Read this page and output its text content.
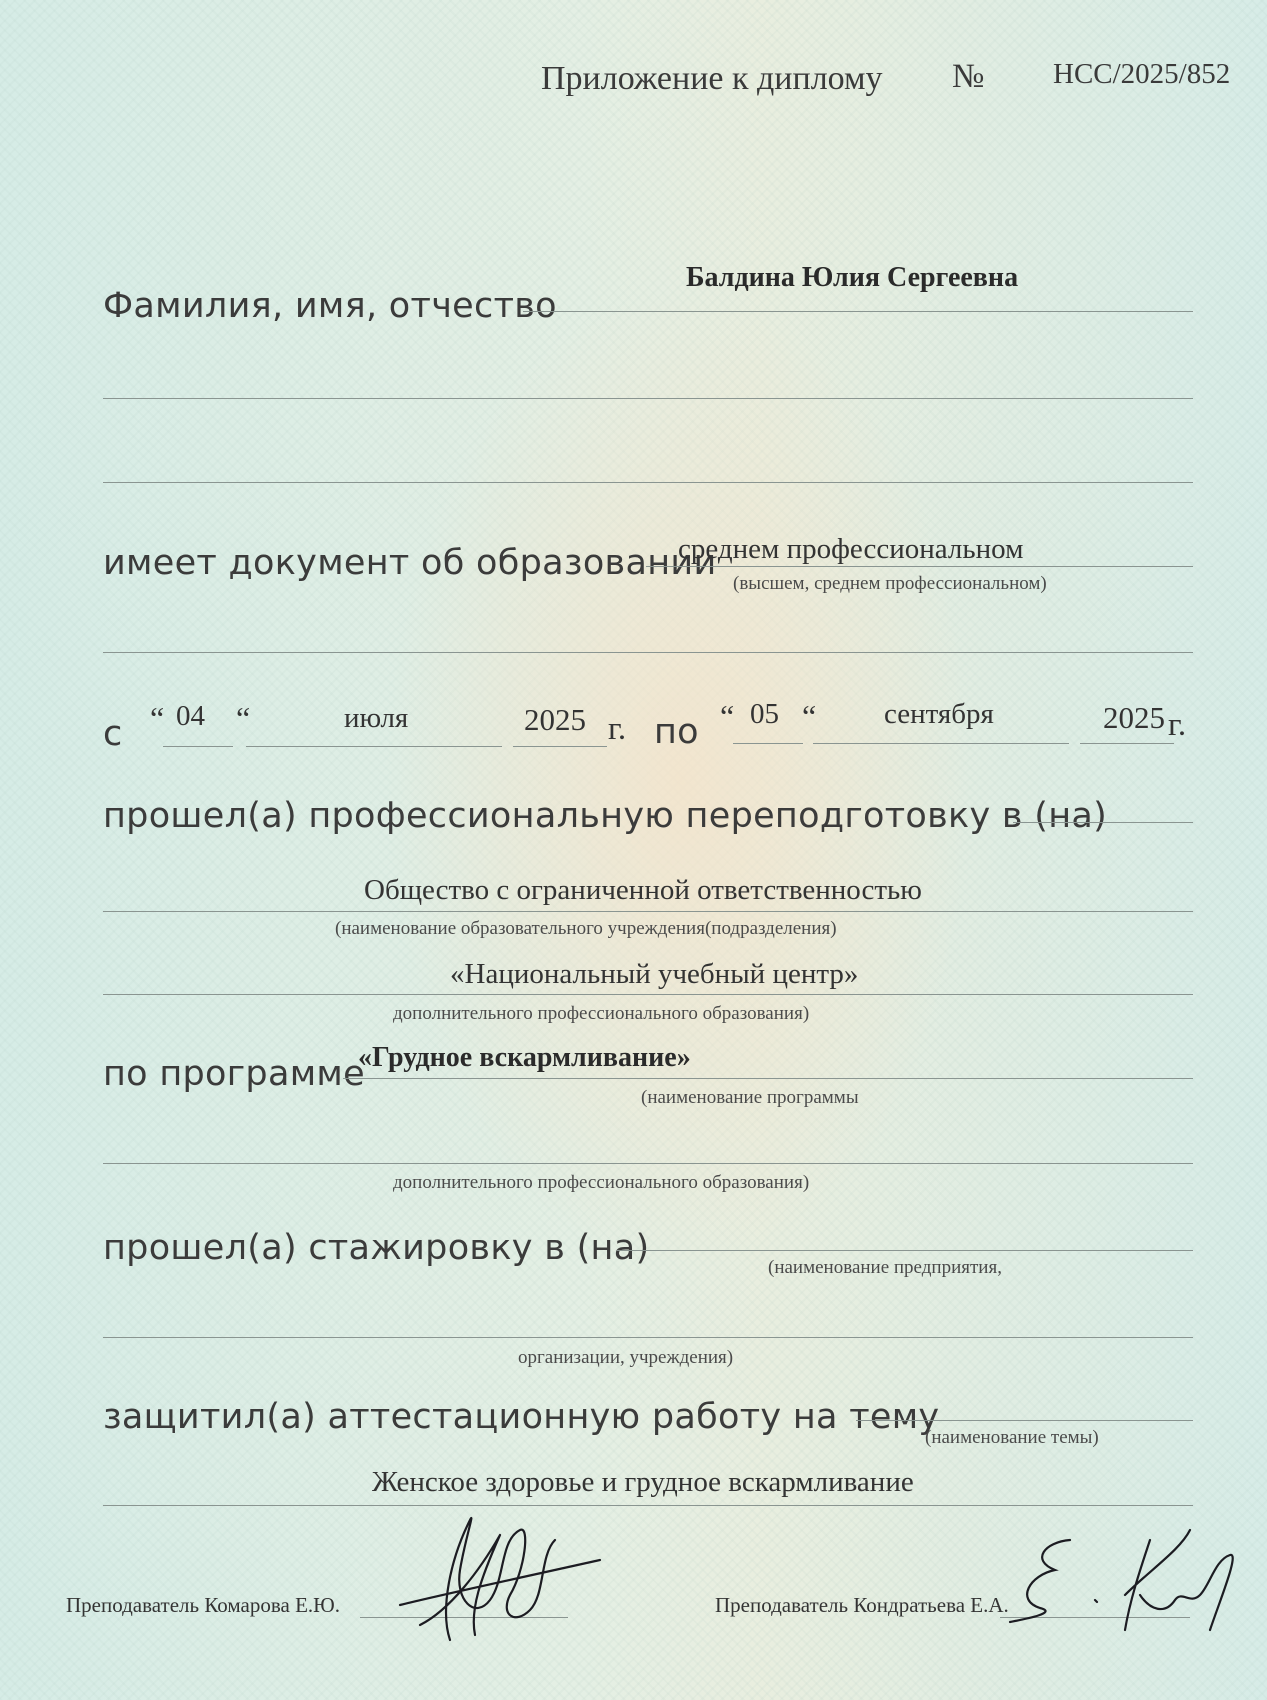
Приложение к диплому № НСС/2025/852
Фамилия, имя, отчество
Балдина Юлия Сергеевна
имеет документ об образовании
среднем профессиональном
(высшем, среднем профессиональном)
с “ 04 “	июля	2025 г. по “ 05 “ сентября	2025 г.
прошел(а) профессиональную переподготовку в (на)
Общество с ограниченной ответственностью
(наименование образовательного учреждения(подразделения)
«Национальный учебный центр»
дополнительного профессионального образования)
по программе
«Грудное вскармливание»
(наименование программы
дополнительного профессионального образования)
прошел(а) стажировку в (на)	(наименование предприятия,
организации, учреждения)
защитил(а) аттестационную работу на тему
(наименование темы)
Женское здоровье и грудное вскармливание
Преподаватель Комарова Е.Ю.	Преподаватель Кондратьева Е.А.
